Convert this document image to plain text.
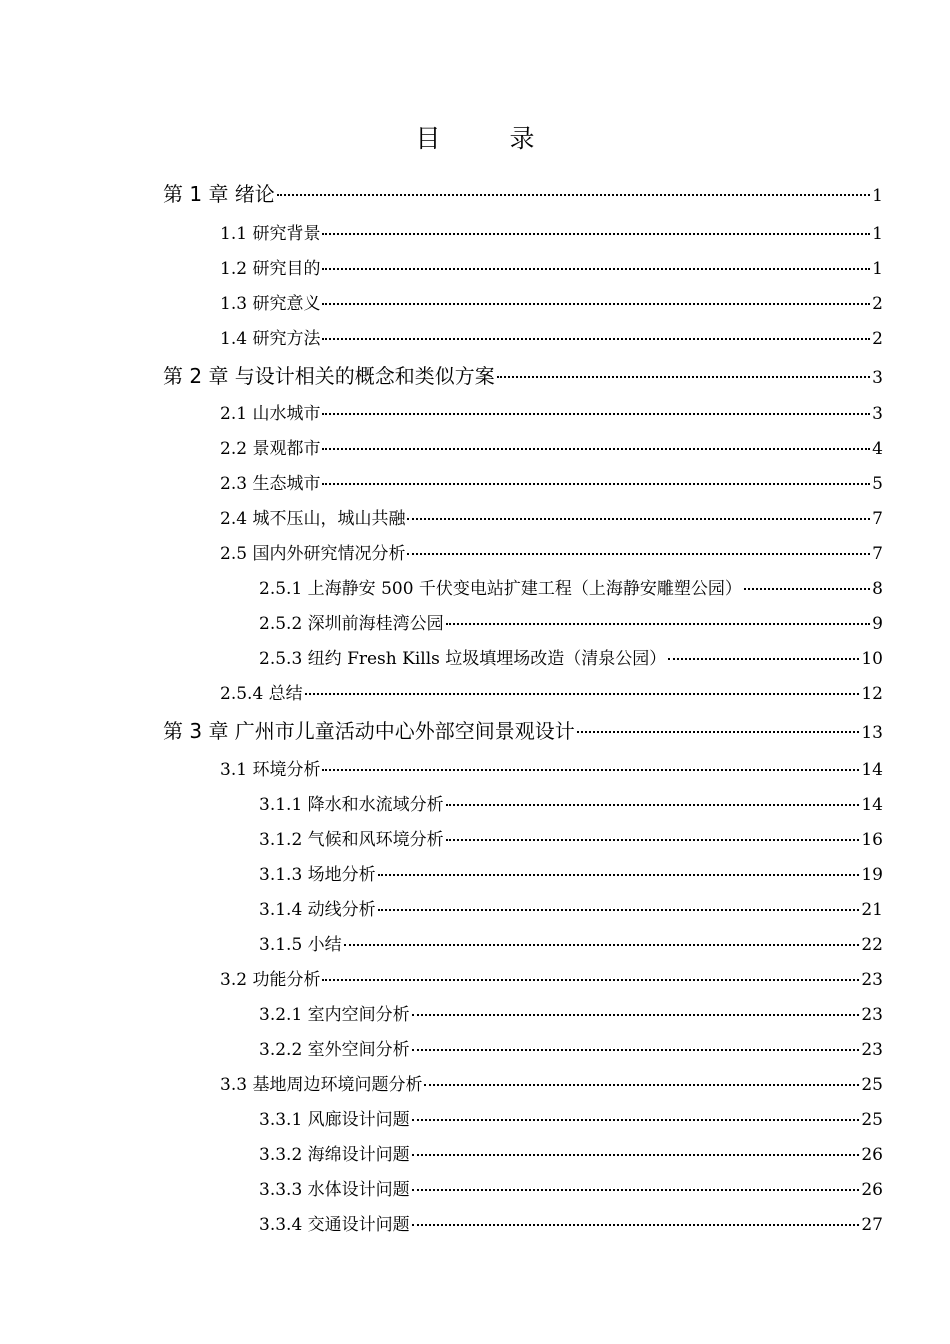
目　录
第 1 章 绪论	1
1.1 研究背景	1
1.2 研究目的	1
1.3 研究意义	2
1.4 研究方法	2
第 2 章 与设计相关的概念和类似方案	3
2.1 山水城市	3
2.2 景观都市	4
2.3 生态城市	5
2.4 城不压山，城山共融	7
2.5 国内外研究情况分析	7
2.5.1 上海静安 500 千伏变电站扩建工程（上海静安雕塑公园）	8
2.5.2 深圳前海桂湾公园	9
2.5.3 纽约 Fresh Kills 垃圾填埋场改造（清泉公园）	10
2.5.4 总结	12
第 3 章 广州市儿童活动中心外部空间景观设计	13
3.1 环境分析	14
3.1.1 降水和水流域分析	14
3.1.2 气候和风环境分析	16
3.1.3 场地分析	19
3.1.4 动线分析	21
3.1.5 小结	22
3.2 功能分析	23
3.2.1 室内空间分析	23
3.2.2 室外空间分析	23
3.3 基地周边环境问题分析	25
3.3.1 风廊设计问题	25
3.3.2 海绵设计问题	26
3.3.3 水体设计问题	26
3.3.4 交通设计问题	27
